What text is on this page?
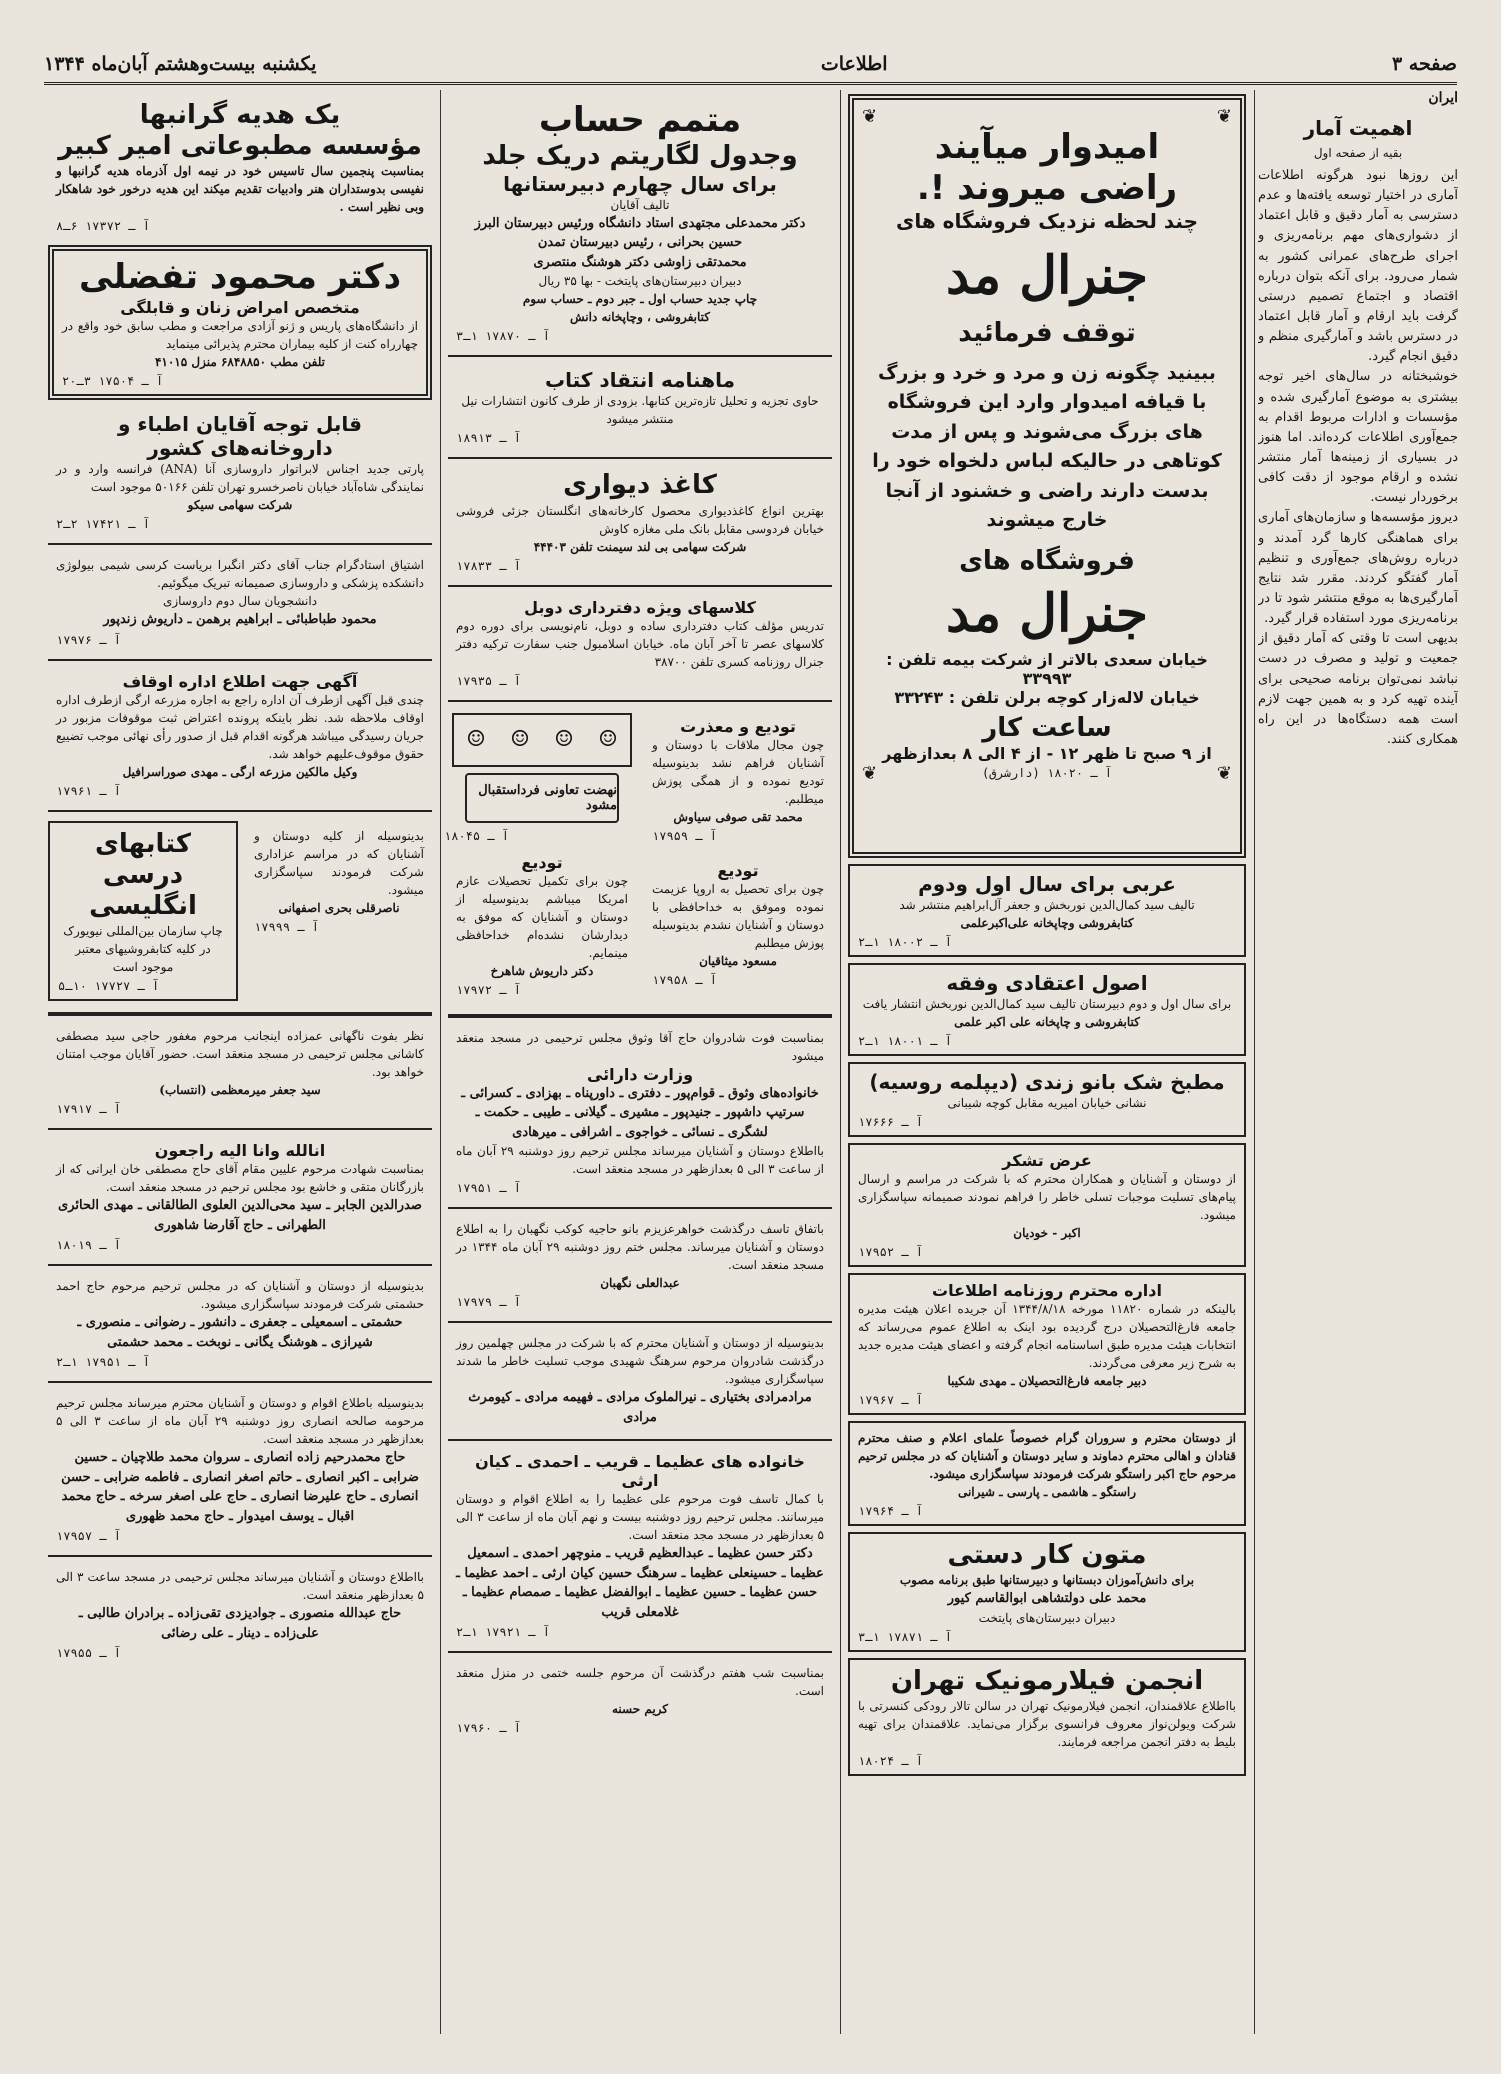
صفحه ۳
اطلاعات
یکشنبه بیست‌وهشتم آبان‌ماه ۱۳۴۴
ایران
اهمیت آمار
بقیه از صفحه اول

این روزها نبود هرگونه اطلاعات آماری در اختیار توسعه یافته‌ها و عدم دسترسی به آمار دقیق و قابل اعتماد از دشواری‌های مهم برنامه‌ریزی و اجرای طرح‌های عمرانی کشور به شمار می‌رود. برای آنکه بتوان درباره اقتصاد و اجتماع تصمیم درستی گرفت باید ارقام و آمار قابل اعتماد در دسترس باشد و آمارگیری منظم و دقیق انجام گیرد.

خوشبختانه در سال‌های اخیر توجه بیشتری به موضوع آمارگیری شده و مؤسسات و ادارات مربوط اقدام به جمع‌آوری اطلاعات کرده‌اند. اما هنوز در بسیاری از زمینه‌ها آمار منتشر نشده و ارقام موجود از دقت کافی برخوردار نیست.

دیروز مؤسسه‌ها و سازمان‌های آماری برای هماهنگی کارها گرد آمدند و درباره روش‌های جمع‌آوری و تنظیم آمار گفتگو کردند. مقرر شد نتایج آمارگیری‌ها به موقع منتشر شود تا در برنامه‌ریزی مورد استفاده قرار گیرد.

بدیهی است تا وقتی که آمار دقیق از جمعیت و تولید و مصرف در دست نباشد نمی‌توان برنامه صحیحی برای آینده تهیه کرد و به همین جهت لازم است همه دستگاه‌ها در این راه همکاری کنند.

❦
❦
امیدوار میآیند
راضی میروند !.
چند لحظه نزدیک فروشگاه های
جنرال مد
توقف فرمائید

ببینید چگونه زن و مرد و خرد و بزرگ با قیافه امیدوار وارد این فروشگاه های بزرگ می‌شوند و پس از مدت کوتاهی در حالیکه لباس دلخواه خود را بدست دارند راضی و خشنود از آنجا خارج میشوند

فروشگاه های
جنرال مد
خیابان سعدی بالاتر از شرکت بیمه تلفن : ۳۳۹۹۳
خیابان لاله‌زار کوچه برلن تلفن : ۳۳۲۴۳
ساعت کار
از ۹ صبح تا ظهر ۱۲ - از ۴ الی ۸ بعدازظهر
❦
آ ـ ۱۸۰۲۰ (دارشرق)
❦
عربی برای سال اول ودوم

تالیف سید کمال‌الدین نوربخش و جعفر آل‌ابراهیم منتشر شد

کتابفروشی وچاپخانه علی‌اکبرعلمی

آ ـ ۱۸۰۰۲ ۱ـ۲
اصول اعتقادی وفقه

برای سال اول و دوم دبیرستان تالیف سید کمال‌الدین نوربخش انتشار یافت

کتابفروشی و چاپخانه علی اکبر علمی

آ ـ ۱۸۰۰۱ ۱ـ۲
مطبخ شک بانو زندی (دیپلمه روسیه)

نشانی خیابان امیریه مقابل کوچه‌ شیبانی

آ ـ ۱۷۶۶۶
عرض تشکر

از دوستان و آشنایان و همکاران محترم که با شرکت در مراسم و ارسال پیام‌های تسلیت موجبات تسلی خاطر را فراهم نمودند صمیمانه سپاسگزاری میشود.

اکبر - خودیان

آ ـ ۱۷۹۵۲
اداره محترم روزنامه اطلاعات

بالینکه در شماره ۱۱۸۲۰ مورخه ۱۳۴۴/۸/۱۸ آن جریده اعلان هیئت مدیره جامعه فارغ‌التحصیلان درج گردیده بود اینک به اطلاع عموم می‌رساند که انتخابات هیئت مدیره طبق اساسنامه انجام گرفته و اعضای هیئت مدیره جدید به شرح زیر معرفی می‌گردند.

دبیر جامعه فارغ‌التحصیلان ـ مهدی شکیبا

آ ـ ۱۷۹۶۷

از دوستان محترم و سروران گرام خصوصاً علمای اعلام و صنف محترم قنادان و اهالی محترم دماوند و سایر دوستان و آشنایان که در مجلس ترحیم مرحوم حاج اکبر راستگو شرکت فرمودند سپاسگزاری میشود.

راستگو ـ هاشمی ـ پارسی ـ شیرانی

آ ـ ۱۷۹۶۴
متون کار دستی

برای دانش‌آموزان دبستانها و دبیرستانها طبق برنامه مصوب

محمد علی دولتشاهی ابوالقاسم کیور

دبیران دبیرستان‌های پایتخت

آ ـ ۱۷۸۷۱ ۱ـ۳
انجمن فیلارمونیک تهران

بااطلاع علاقمندان، انجمن فیلارمونیک تهران در سالن تالار رودکی کنسرتی با شرکت ویولن‌نواز معروف فرانسوی برگزار می‌نماید. علاقمندان برای تهیه بلیط به دفتر انجمن مراجعه فرمایند.

آ ـ ۱۸۰۲۴
متمم حساب
وجدول لگاریتم دریک جلد
برای سال چهارم دبیرستانها

تالیف آقایان

دکتر محمدعلی مجتهدی استاد دانشگاه ورئیس دبیرستان البرز
حسین بحرانی ، رئیس دبیرستان تمدن
محمدتقی زاوشی دکتر هوشنگ منتصری

دبیران دبیرستان‌های پایتخت - بها ۳۵ ریال

چاپ جدید حساب اول ـ جبر دوم ـ حساب سوم

کتابفروشی ، وچاپخانه دانش

آ ـ ۱۷۸۷۰ ۱ـ۳
ماهنامه انتقاد کتاب

حاوی تجزیه و تحلیل تازه‌ترین کتابها. بزودی از طرف کانون انتشارات نیل منتشر میشود

آ ـ ۱۸۹۱۳
کاغذ دیواری

بهترین انواع کاغذدیواری محصول کارخانه‌های انگلستان جزئی فروشی خیابان فردوسی مقابل بانک ملی مغازه کاوش

شرکت سهامی بی لند سیمنت تلفن ۴۴۴۰۳

آ ـ ۱۷۸۳۳
کلاسهای ویژه دفترداری دوبل

تدریس مؤلف کتاب دفترداری ساده و دوبل، نام‌نویسی برای دوره دوم کلاسهای عصر تا آخر آبان ماه. خیابان اسلامبول جنب سفارت ترکیه دفتر جنرال روزنامه کسری تلفن ۳۸۷۰۰

آ ـ ۱۷۹۳۵
تودیع و معذرت

چون مجال ملاقات با دوستان و آشنایان فراهم نشد بدینوسیله تودیع نموده و از همگی پوزش میطلبم.

محمد تقی صوفی سیاوش

آ ـ ۱۷۹۵۹
تودیع

چون برای تحصیل به اروپا عزیمت نموده وموفق به خداحافظی با دوستان و آشنایان نشدم بدینوسیله پوزش میطلبم

مسعود میثاقیان

آ ـ ۱۷۹۵۸
☺
☺
☺
☺
نهضت تعاونی فرداستقبال مشود
آ ـ ۱۸۰۴۵
تودیع

چون برای تکمیل تحصیلات عازم امریکا میباشم بدینوسیله از دوستان و آشنایان که موفق به دیدارشان نشده‌ام خداحافظی مینمایم.

دکتر داریوش شاهرخ

آ ـ ۱۷۹۷۲

بمناسبت فوت شادروان حاج آقا وثوق مجلس ترحیمی در مسجد منعقد میشود

وزارت دارائی

خانواده‌های وثوق ـ قوام‌پور ـ دفتری ـ داورپناه ـ بهزادی ـ کسرائی ـ سرتیپ داشپور ـ جنیدپور ـ مشیری ـ گیلانی ـ طیبی ـ حکمت ـ لشگری ـ نسائی ـ خواجوی ـ اشرافی ـ میرهادی

بااطلاع دوستان و آشنایان میرساند مجلس ترحیم روز دوشنبه ۲۹ آبان ماه از ساعت ۳ الی ۵ بعدازظهر در مسجد منعقد است.

آ ـ ۱۷۹۵۱

باتفاق تاسف درگذشت خواهرعزیزم بانو حاجیه کوکب نگهبان را به اطلاع دوستان و آشنایان میرساند. مجلس ختم روز دوشنبه ۲۹ آبان ماه ۱۳۴۴ در مسجد منعقد است.

عبدالعلی نگهبان

آ ـ ۱۷۹۷۹

بدینوسیله از دوستان و آشنایان محترم که با شرکت در مجلس چهلمین روز درگذشت شادروان مرحوم سرهنگ شهیدی موجب تسلیت خاطر ما شدند سپاسگزاری میشود.

مرادمرادی بختیاری ـ نیرالملوک مرادی ـ فهیمه مرادی ـ کیومرث مرادی

خانواده های عظیما ـ قریب ـ احمدی ـ کیان ارثی

با کمال تاسف فوت مرحوم علی عظیما را به اطلاع اقوام و دوستان میرسانند. مجلس ترحیم روز دوشنبه بیست و نهم آبان ماه از ساعت ۳ الی ۵ بعدازظهر در مسجد مجد منعقد است.

دکتر حسن عظیما ـ عبدالعظیم قریب ـ منوچهر احمدی ـ اسمعیل عظیما ـ حسینعلی عظیما ـ سرهنگ حسین کیان ارثی ـ احمد عظیما ـ حسن عظیما ـ حسین عظیما ـ ابوالفضل عظیما ـ صمصام عظیما ـ غلامعلی قریب

آ ـ ۱۷۹۲۱ ۱ـ۲

بمناسبت شب هفتم درگذشت آن مرحوم جلسه ختمی در منزل منعقد است.

کریم حسنه

آ ـ ۱۷۹۶۰
یک هدیه گرانبها
مؤسسه مطبوعاتی امیر کبیر

بمناسبت پنجمین سال تاسیس خود در نیمه اول آذرماه هدیه گرانبها و نفیسی بدوستداران هنر وادبیات تقدیم میکند این هدیه درخور خود شاهکار وبی نظیر است .

آ ـ ۱۷۳۷۲ ۶ـ۸
دکتر محمود تفضلی
متخصص امراض زنان و قابلگی

از دانشگاه‌های پاریس و ژنو آزادی مراجعت و مطب سابق خود واقع در چهارراه کنت از کلیه بیماران محترم پذیرائی مینماید

تلفن مطب ۶۸۴۸۸۵۰ منزل ۴۱۰۱۵

آ ـ ۱۷۵۰۴ ۳ـ۲۰
قابل توجه آقایان اطباء و داروخانه‌های کشور

پارتی جدید اجناس لابراتوار داروسازی آنا (ANA) فرانسه وارد و در نمایندگی شاه‌آباد خیابان ناصرخسرو تهران تلفن ۵۰۱۶۶ موجود است

شرکت سهامی سیکو

آ ـ ۱۷۴۲۱ ۲ـ۲

اشتیاق استادگرام جناب آقای دکتر انگبرا بریاست کرسی شیمی بیولوژی دانشکده پزشکی و داروسازی صمیمانه تبریک میگوئیم.

دانشجویان سال دوم داروسازی

محمود طباطبائی ـ ابراهیم برهمن ـ داریوش زندپور

آ ـ ۱۷۹۷۶
آگهی جهت اطلاع اداره اوقاف

چندی قبل آگهی ازطرف آن اداره راجع به اجاره مزرعه ارگی ازطرف اداره اوقاف ملاحظه شد. نظر باینکه پرونده اعتراض ثبت موقوفات مزبور در جریان رسیدگی میباشد هرگونه اقدام قبل از صدور رأی نهائی موجب تضییع حقوق موقوف‌علیهم خواهد شد.

وکیل مالکین مزرعه ارگی ـ مهدی صوراسرافیل

آ ـ ۱۷۹۶۱

بدینوسیله از کلیه دوستان و آشنایان که در مراسم عزاداری شرکت فرمودند سپاسگزاری میشود.

ناصرقلی بحری اصفهانی

آ ـ ۱۷۹۹۹
کتابهای درسی انگلیسی

چاپ سازمان بین‌المللی نیویورک

در کلیه کتابفروشیهای معتبر موجود است

آ ـ ۱۷۷۲۷ ۱۰ـ۵

نظر بفوت ناگهانی عمزاده اینجانب مرحوم مغفور حاجی سید مصطفی کاشانی مجلس ترحیمی در مسجد منعقد است. حضور آقایان موجب امتنان خواهد بود.

سید جعفر میرمعظمی (انتساب)

آ ـ ۱۷۹۱۷
انالله وانا الیه راجعون

بمناسبت شهادت مرحوم علیین مقام آقای حاج مصطفی خان ایرانی که از بازرگانان متقی و خاشع بود مجلس ترحیم در مسجد منعقد است.

صدرالدین الجابر ـ سید محی‌الدین العلوی الطالقانی ـ مهدی الحائری الطهرانی ـ حاج آقارضا شاهوری

آ ـ ۱۸۰۱۹

بدینوسیله از دوستان و آشنایان که در مجلس ترحیم مرحوم حاج احمد حشمتی شرکت فرمودند سپاسگزاری میشود.

حشمتی ـ اسمعیلی ـ جعفری ـ دانشور ـ رضوانی ـ منصوری ـ شیرازی ـ هوشنگ یگانی ـ نوبخت ـ محمد حشمتی

آ ـ ۱۷۹۵۱ ۱ـ۲

بدینوسیله باطلاع اقوام و دوستان و آشنایان محترم میرساند مجلس ترحیم مرحومه صالحه انصاری روز دوشنبه ۲۹ آبان ماه از ساعت ۳ الی ۵ بعدازظهر در مسجد منعقد است.

حاج محمدرحیم زاده انصاری ـ سروان محمد طلاچیان ـ حسین ضرابی ـ اکبر انصاری ـ حاتم اصغر انصاری ـ فاطمه ضرابی ـ حسن انصاری ـ حاج علیرضا انصاری ـ حاج علی اصغر سرخه ـ حاج محمد اقبال ـ یوسف امیدوار ـ حاج محمد ظهوری

آ ـ ۱۷۹۵۷

بااطلاع دوستان و آشنایان میرساند مجلس ترحیمی در مسجد ساعت ۳ الی ۵ بعدازظهر منعقد است.

حاج عبدالله منصوری ـ جوادیزدی تقی‌زاده ـ برادران طالبی ـ علی‌زاده ـ دینار ـ علی رضائی

آ ـ ۱۷۹۵۵
